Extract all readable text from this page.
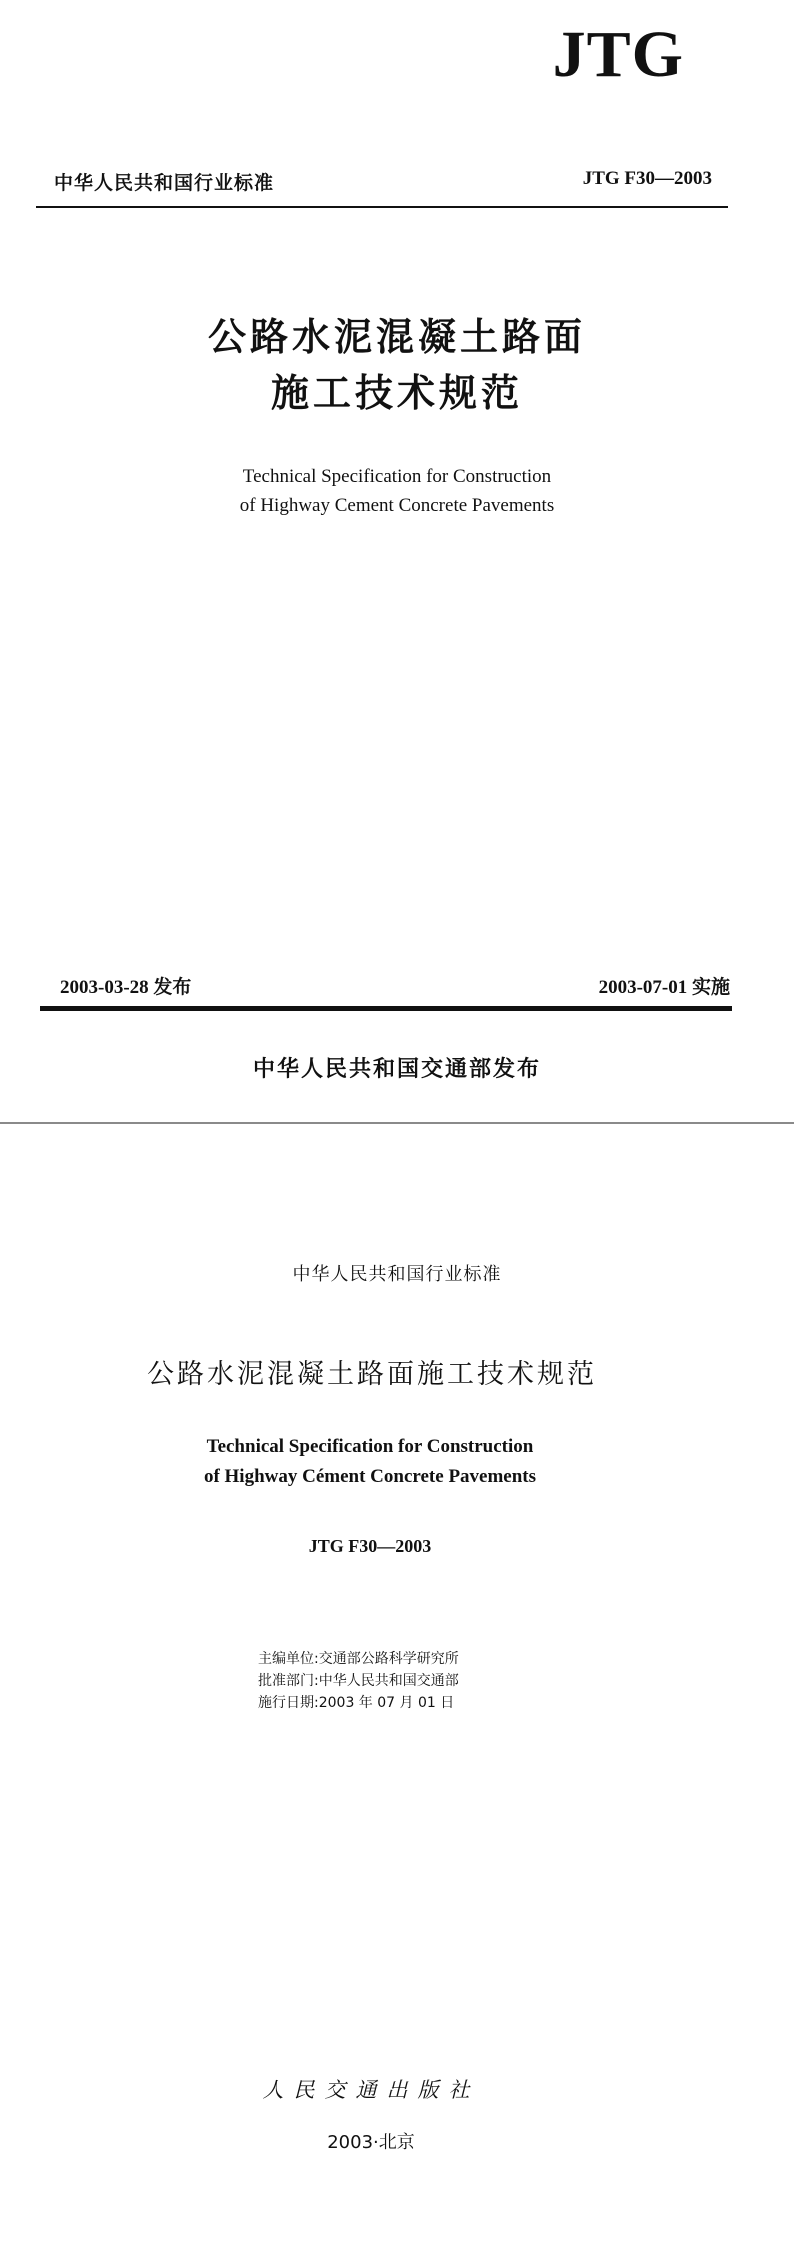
JTG
中华人民共和国行业标准	JTG F30—2003
公路水泥混凝土路面
施工技术规范
Technical Specification for Construction
of Highway Cement Concrete Pavements
2003-03-28 发布	2003-07-01 实施
中华人民共和国交通部发布
中华人民共和国行业标准
公路水泥混凝土路面施工技术规范
Technical Specification for Construction
of Highway Cément Concrete Pavements
JTG F30—2003
主编单位:交通部公路科学研究所
批准部门:中华人民共和国交通部
施行日期:2003 年 07 月 01 日
人民交通出版社
2003·北京
